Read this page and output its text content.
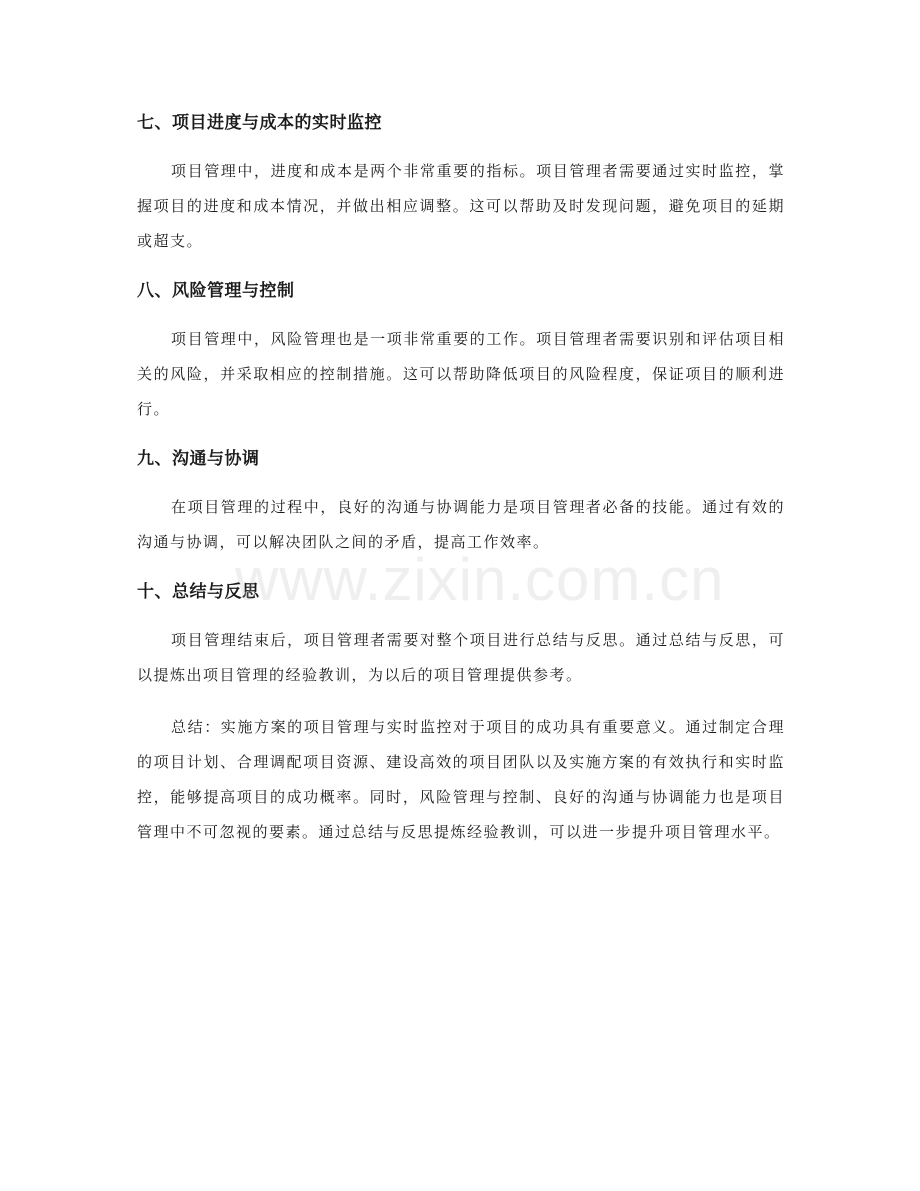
七、项目进度与成本的实时监控

项目管理中，进度和成本是两个非常重要的指标。项目管理者需要通过实时监控，掌握项目的进度和成本情况，并做出相应调整。这可以帮助及时发现问题，避免项目的延期或超支。

八、风险管理与控制

项目管理中，风险管理也是一项非常重要的工作。项目管理者需要识别和评估项目相关的风险，并采取相应的控制措施。这可以帮助降低项目的风险程度，保证项目的顺利进行。

九、沟通与协调

在项目管理的过程中，良好的沟通与协调能力是项目管理者必备的技能。通过有效的沟通与协调，可以解决团队之间的矛盾，提高工作效率。

十、总结与反思

项目管理结束后，项目管理者需要对整个项目进行总结与反思。通过总结与反思，可以提炼出项目管理的经验教训，为以后的项目管理提供参考。

总结：实施方案的项目管理与实时监控对于项目的成功具有重要意义。通过制定合理的项目计划、合理调配项目资源、建设高效的项目团队以及实施方案的有效执行和实时监控，能够提高项目的成功概率。同时，风险管理与控制、良好的沟通与协调能力也是项目管理中不可忽视的要素。通过总结与反思提炼经验教训，可以进一步提升项目管理水平。

www.zixin.com.cn
